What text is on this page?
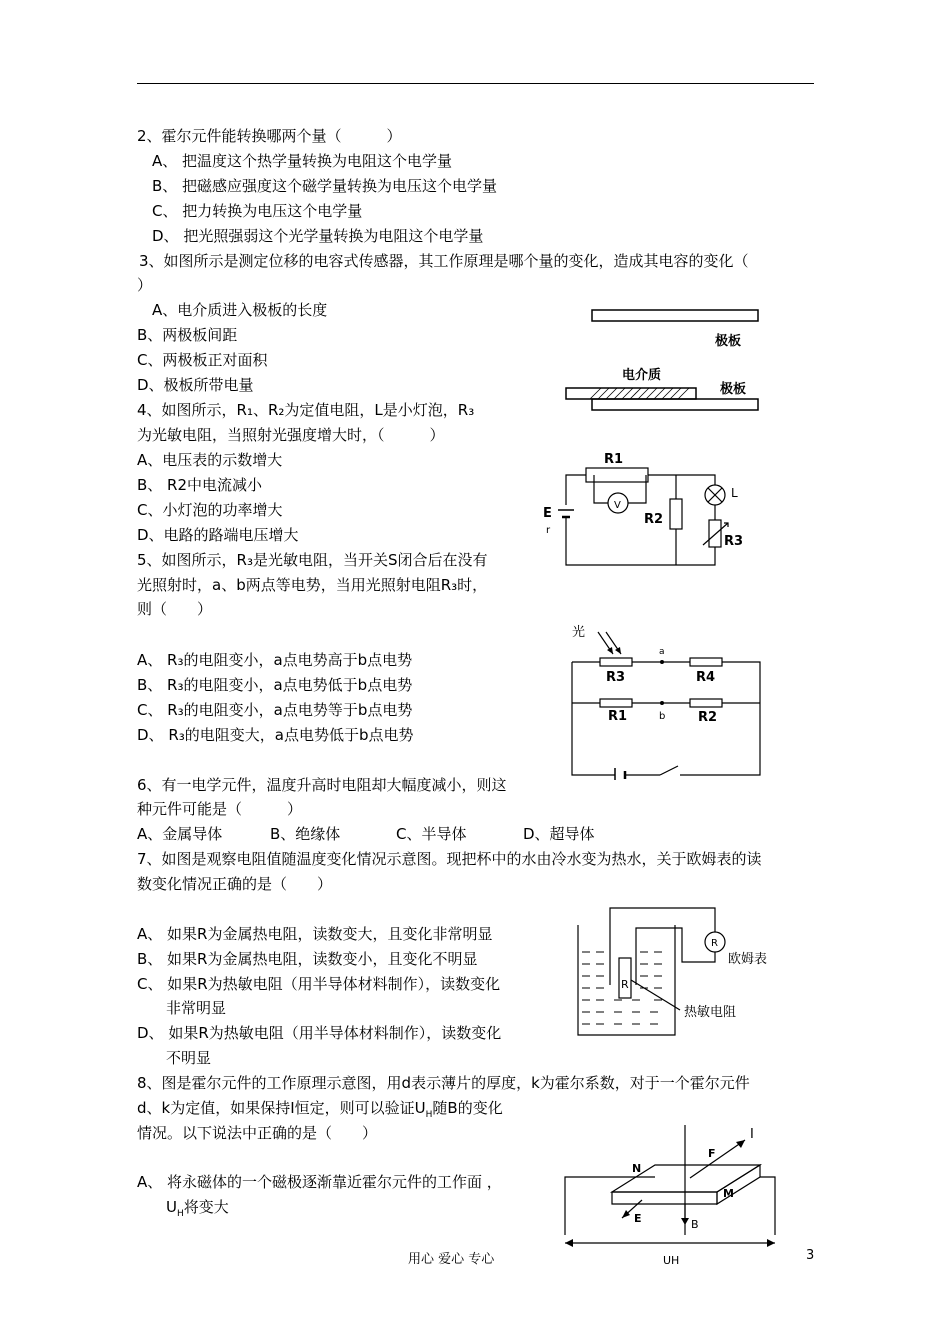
2、霍尔元件能转换哪两个量（　　　）
A、 把温度这个热学量转换为电阻这个电学量
B、 把磁感应强度这个磁学量转换为电压这个电学量
C、 把力转换为电压这个电学量
D、 把光照强弱这个光学量转换为电阻这个电学量
3、如图所示是测定位移的电容式传感器，其工作原理是哪个量的变化，造成其电容的变化（
）
A、电介质进入极板的长度
B、两极板间距
C、两极板正对面积
D、极板所带电量
极板
电介质
极板
4、如图所示，R₁、R₂为定值电阻，L是小灯泡，R₃
为光敏电阻，当照射光强度增大时，（　　　）
A、电压表的示数增大
B、 R2中电流减小
C、小灯泡的功率增大
D、电路的路端电压增大
R1
V
R2
L
R3
E
r
5、如图所示，R₃是光敏电阻，当开关S闭合后在没有
光照射时，a、b两点等电势，当用光照射电阻R₃时，
则（　　）
A、 R₃的电阻变小，a点电势高于b点电势
B、 R₃的电阻变小，a点电势低于b点电势
C、 R₃的电阻变小，a点电势等于b点电势
D、 R₃的电阻变大，a点电势低于b点电势
光
a
b
R3	R4
R1	R2
6、有一电学元件，温度升高时电阻却大幅度减小，则这
种元件可能是（　　　）
A、金属导体	B、绝缘体	C、半导体	D、超导体
7、如图是观察电阻值随温度变化情况示意图。现把杯中的水由冷水变为热水，关于欧姆表的读
数变化情况正确的是（　　）
A、 如果R为金属热电阻，读数变大，且变化非常明显
B、 如果R为金属热电阻，读数变小，且变化不明显
C、 如果R为热敏电阻（用半导体材料制作），读数变化
非常明显
D、 如果R为热敏电阻（用半导体材料制作），读数变化
不明显
R
R
欧姆表
热敏电阻
8、图是霍尔元件的工作原理示意图，用d表示薄片的厚度，k为霍尔系数，对于一个霍尔元件
d、k为定值，如果保持I恒定，则可以验证$U_H$随B的变化
情况。以下说法中正确的是（　　）
A、 将永磁体的一个磁极逐渐靠近霍尔元件的工作面 ，
$U_H$将变大
I
F
N
M
E	B
UH
用心 爱心 专心	3
